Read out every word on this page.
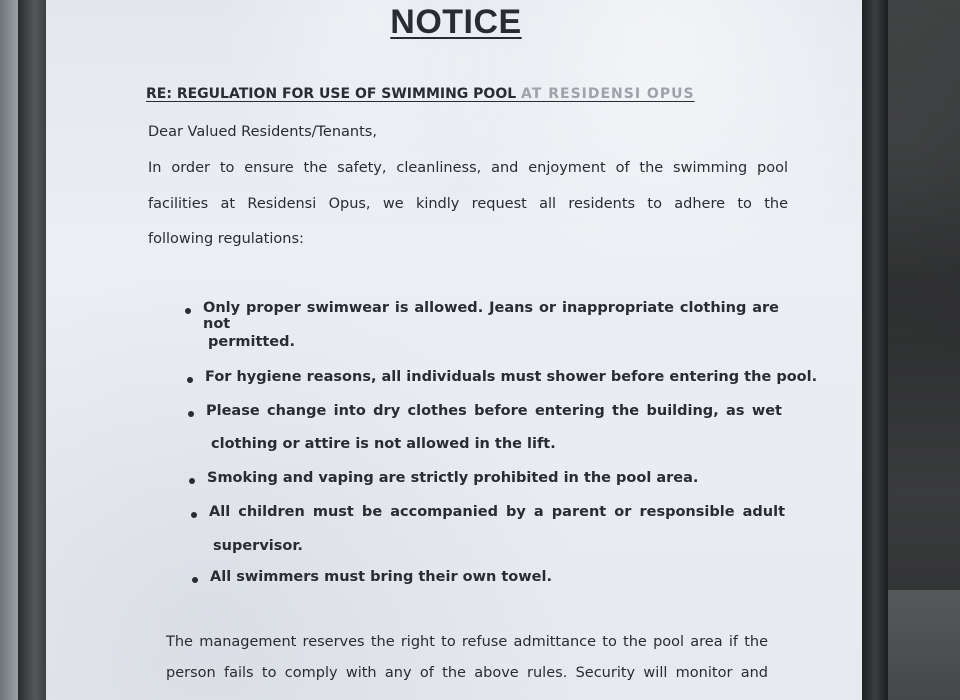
NOTICE
RE: REGULATION FOR USE OF SWIMMING POOL AT RESIDENSI OPUS
Dear Valued Residents/Tenants,
In order to ensure the safety, cleanliness, and enjoyment of the swimming pool
facilities at Residensi Opus, we kindly request all residents to adhere to the
following regulations:
Only proper swimwear is allowed. Jeans or inappropriate clothing are not
permitted.
For hygiene reasons, all individuals must shower before entering the pool.
Please change into dry clothes before entering the building, as wet
clothing or attire is not allowed in the lift.
Smoking and vaping are strictly prohibited in the pool area.
All children must be accompanied by a parent or responsible adult
supervisor.
All swimmers must bring their own towel.
The management reserves the right to refuse admittance to the pool area if the
person fails to comply with any of the above rules. Security will monitor and
